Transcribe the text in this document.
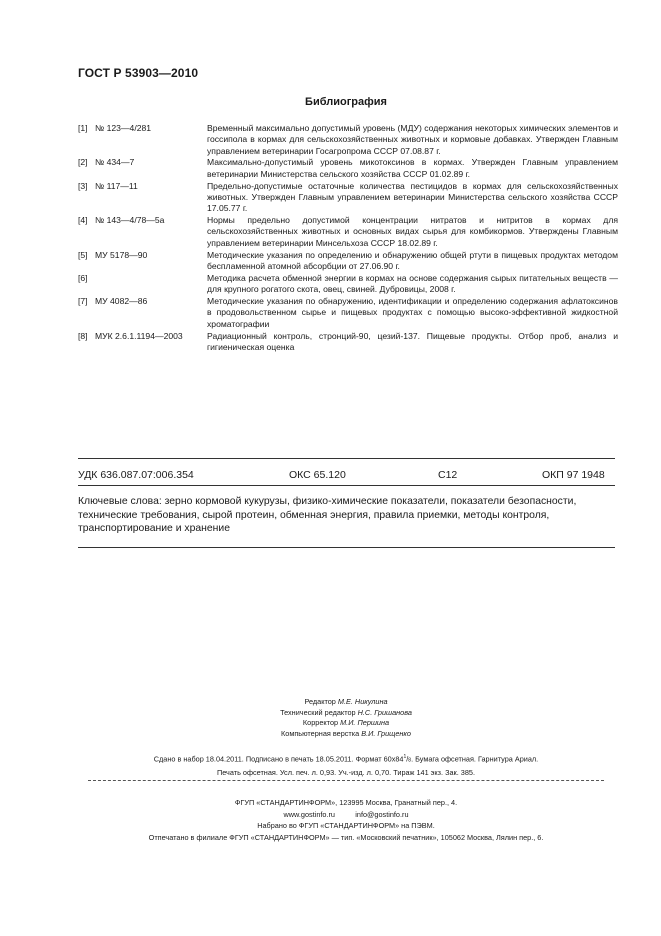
ГОСТ Р 53903—2010
Библиография
[1] № 123—4/281	Временный максимально допустимый уровень (МДУ) содержания некоторых химических элементов и госсипола в кормах для сельскохозяйственных животных и кормовые добавках. Утвержден Главным управлением ветеринарии Госагропрома СССР 07.08.87 г.
[2] № 434—7	Максимально-допустимый уровень микотоксинов в кормах. Утвержден Главным управлением ветеринарии Министерства сельского хозяйства СССР 01.02.89 г.
[3] № 117—11	Предельно-допустимые остаточные количества пестицидов в кормах для сельскохозяйственных животных. Утвержден Главным управлением ветеринарии Министерства сельского хозяйства СССР 17.05.77 г.
[4] № 143—4/78—5а	Нормы предельно допустимой концентрации нитратов и нитритов в кормах для сельскохозяйственных животных и основных видах сырья для комбикормов. Утверждены Главным управлением ветеринарии Минсельхоза СССР 18.02.89 г.
[5] МУ 5178—90	Методические указания по определению и обнаружению общей ртути в пищевых продуктах методом беспламенной атомной абсорбции от 27.06.90 г.
[6]	Методика расчета обменной энергии в кормах на основе содержания сырых питательных веществ — для крупного рогатого скота, овец, свиней. Дубровицы, 2008 г.
[7] МУ 4082—86	Методические указания по обнаружению, идентификации и определению содержания афлатоксинов в продовольственном сырье и пищевых продуктах с помощью высоко-эффективной жидкостной хроматографии
[8] МУК 2.6.1.1194—2003	Радиационный контроль, стронций-90, цезий-137. Пищевые продукты. Отбор проб, анализ и гигиеническая оценка
УДК 636.087.07:006.354	ОКС 65.120	С12	ОКП 97 1948
Ключевые слова: зерно кормовой кукурузы, физико-химические показатели, показатели безопасности, технические требования, сырой протеин, обменная энергия, правила приемки, методы контроля, транспортирование и хранение
Редактор М.Е. Никулина
Технический редактор Н.С. Гришанова
Корректор М.И. Першина
Компьютерная верстка В.И. Грищенко
Сдано в набор 18.04.2011. Подписано в печать 18.05.2011. Формат $60х84^1/8$. Бумага офсетная. Гарнитура Ариал.
Печать офсетная. Усл. печ. л. 0,93. Уч.-изд. л. 0,70. Тираж 141 экз. Зак. 385.
ФГУП «СТАНДАРТИНФОРМ», 123995 Москва, Гранатный пер., 4.
www.gostinfo.ru          info@gostinfo.ru
Набрано во ФГУП «СТАНДАРТИНФОРМ» на ПЭВМ.
Отпечатано в филиале ФГУП «СТАНДАРТИНФОРМ» — тип. «Московский печатник», 105062 Москва, Лялин пер., 6.
